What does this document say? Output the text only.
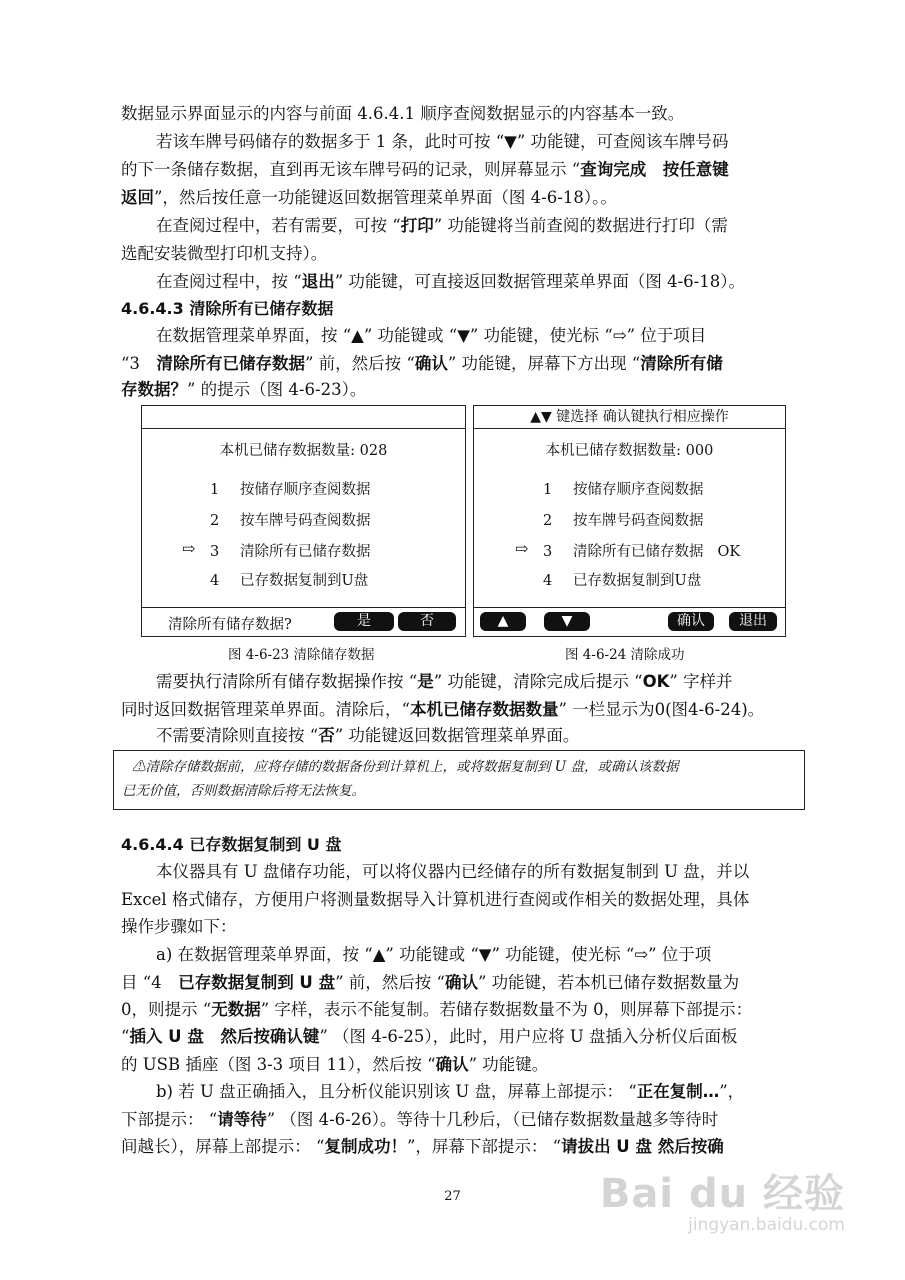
数据显示界面显示的内容与前面 4.6.4.1 顺序查阅数据显示的内容基本一致。
若该车牌号码储存的数据多于 1 条，此时可按 “▼” 功能键，可查阅该车牌号码
的下一条储存数据，直到再无该车牌号码的记录，则屏幕显示 “查询完成　按任意键
返回”，然后按任意一功能键返回数据管理菜单界面（图 4-6-18）。。
在查阅过程中，若有需要，可按 “打印” 功能键将当前查阅的数据进行打印（需
选配安装微型打印机支持）。
在查阅过程中，按 “退出” 功能键，可直接返回数据管理菜单界面（图 4-6-18）。
4.6.4.3 清除所有已储存数据
在数据管理菜单界面，按 “▲” 功能键或 “▼” 功能键，使光标 “⇨” 位于项目
“3　清除所有已储存数据” 前，然后按 “确认” 功能键，屏幕下方出现 “清除所有储
存数据？” 的提示（图 4-6-23）。
本机已储存数据数量: 028
1 按储存顺序查阅数据
2 按车牌号码查阅数据
⇨ 3 清除所有已储存数据
4 已存数据复制到U盘
清除所有储存数据?	是	否
图 4-6-23 清除储存数据
▲▼ 键选择 确认键执行相应操作
本机已储存数据数量: 000
1 按储存顺序查阅数据
2 按车牌号码查阅数据
⇨ 3 清除所有已储存数据 OK
4 已存数据复制到U盘
▲	▼	确认	退出
图 4-6-24 清除成功
需要执行清除所有储存数据操作按 “是” 功能键，清除完成后提示 “OK” 字样并
同时返回数据管理菜单界面。清除后，“本机已储存数据数量” 一栏显示为0(图4-6-24)。
不需要清除则直接按 “否” 功能键返回数据管理菜单界面。
⚠清除存储数据前，应将存储的数据备份到计算机上，或将数据复制到 U 盘，或确认该数据
已无价值，否则数据清除后将无法恢复。
4.6.4.4 已存数据复制到 U 盘
本仪器具有 U 盘储存功能，可以将仪器内已经储存的所有数据复制到 U 盘，并以
Excel 格式储存，方便用户将测量数据导入计算机进行查阅或作相关的数据处理，具体
操作步骤如下：
a) 在数据管理菜单界面，按 “▲” 功能键或 “▼” 功能键，使光标 “⇨” 位于项
目 “4　已存数据复制到 U 盘” 前，然后按 “确认” 功能键，若本机已储存数据数量为
0，则提示 “无数据” 字样，表示不能复制。若储存数据数量不为 0，则屏幕下部提示：
“插入 U 盘　然后按确认键” （图 4-6-25），此时，用户应将 U 盘插入分析仪后面板
的 USB 插座（图 3-3 项目 11），然后按 “确认” 功能键。
b) 若 U 盘正确插入，且分析仪能识别该 U 盘，屏幕上部提示： “正在复制…”，
下部提示： “请等待” （图 4-6-26）。等待十几秒后，（已储存数据数量越多等待时
间越长），屏幕上部提示： “复制成功！”，屏幕下部提示： “请拔出 U 盘 然后按确
27	Bai du 经验
jingyan.baidu.com
